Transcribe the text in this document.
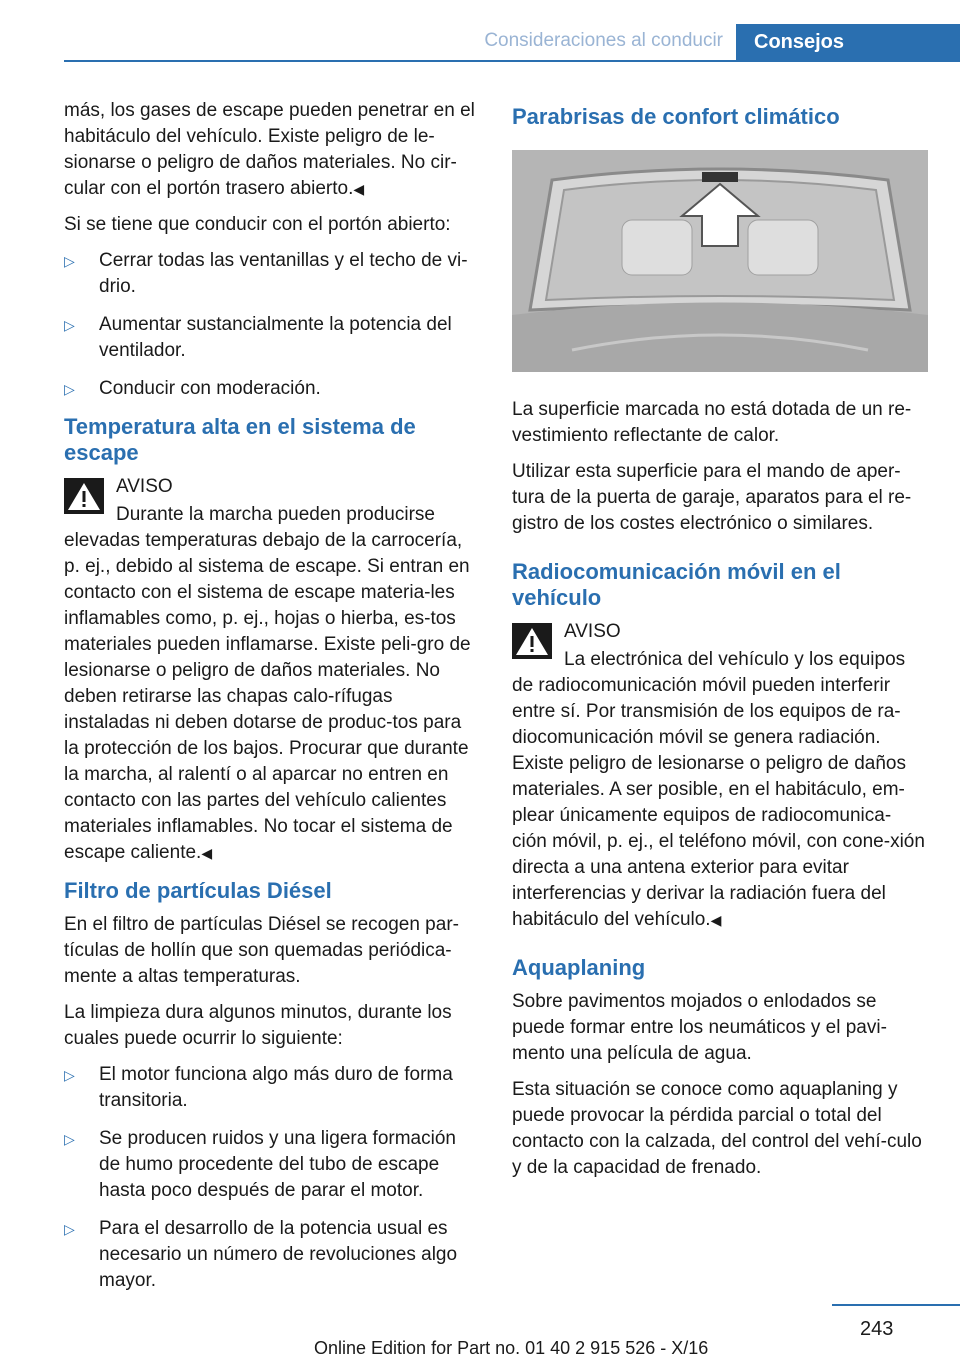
Consideraciones al conducir	Consejos

más, los gases de escape pueden penetrar en el habitáculo del vehículo. Existe peligro de le-sionarse o peligro de daños materiales. No cir-cular con el portón trasero abierto.◀

Si se tiene que conducir con el portón abierto:

▷ Cerrar todas las ventanillas y el techo de vi-drio.
▷ Aumentar sustancialmente la potencia del ventilador.
▷ Conducir con moderación.
Temperatura alta en el sistema de escape
AVISO

Durante la marcha pueden producirse
elevadas temperaturas debajo de la carrocería, p. ej., debido al sistema de escape. Si entran en contacto con el sistema de escape materia-les inflamables como, p. ej., hojas o hierba, es-tos materiales pueden inflamarse. Existe peli-gro de lesionarse o peligro de daños materiales. No deben retirarse las chapas calo-rífugas instaladas ni deben dotarse de produc-tos para la protección de los bajos. Procurar que durante la marcha, al ralentí o al aparcar no entren en contacto con las partes del vehículo calientes materiales inflamables. No tocar el sistema de escape caliente.◀

Filtro de partículas Diésel

En el filtro de partículas Diésel se recogen par-tículas de hollín que son quemadas periódica-mente a altas temperaturas.

La limpieza dura algunos minutos, durante los cuales puede ocurrir lo siguiente:

▷ El motor funciona algo más duro de forma transitoria.
▷ Se producen ruidos y una ligera formación de humo procedente del tubo de escape hasta poco después de parar el motor.
▷ Para el desarrollo de la potencia usual es necesario un número de revoluciones algo mayor.
Parabrisas de confort climático

La superficie marcada no está dotada de un re-vestimiento reflectante de calor.

Utilizar esta superficie para el mando de aper-tura de la puerta de garaje, aparatos para el re-gistro de los costes electrónico o similares.

Radiocomunicación móvil en el vehículo
AVISO

La electrónica del vehículo y los equipos
de radiocomunicación móvil pueden interferir entre sí. Por transmisión de los equipos de ra-diocomunicación móvil se genera radiación. Existe peligro de lesionarse o peligro de daños materiales. A ser posible, en el habitáculo, em-plear únicamente equipos de radiocomunica-ción móvil, p. ej., el teléfono móvil, con cone-xión directa a una antena exterior para evitar interferencias y derivar la radiación fuera del habitáculo del vehículo.◀

Aquaplaning

Sobre pavimentos mojados o enlodados se puede formar entre los neumáticos y el pavi-mento una película de agua.

Esta situación se conoce como aquaplaning y puede provocar la pérdida parcial o total del contacto con la calzada, del control del vehí-culo y de la capacidad de frenado.

243
Online Edition for Part no. 01 40 2 915 526 - X/16
